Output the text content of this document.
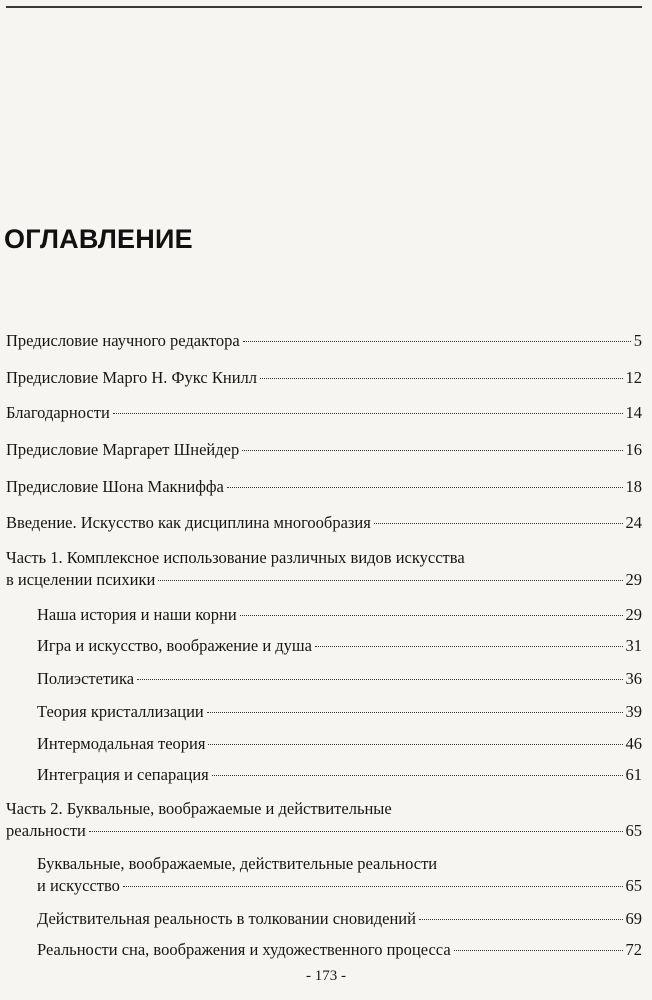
ОГЛАВЛЕНИЕ
Предисловие научного редактора	5
Предисловие Марго Н. Фукс Книлл	12
Благодарности	14
Предисловие Маргарет Шнейдер	16
Предисловие Шона Макниффа	18
Введение. Искусство как дисциплина многообразия	24
Часть 1. Комплексное использование различных видов искусства
в исцелении психики	29
Наша история и наши корни	29
Игра и искусство, воображение и душа	31
Полиэстетика	36
Теория кристаллизации	39
Интермодальная теория	46
Интеграция и сепарация	61
Часть 2. Буквальные, воображаемые и действительные
реальности	65
Буквальные, воображаемые, действительные реальности
и искусство	65
Действительная реальность в толковании сновидений	69
Реальности сна, воображения и художественного процесса	72
- 173 -
